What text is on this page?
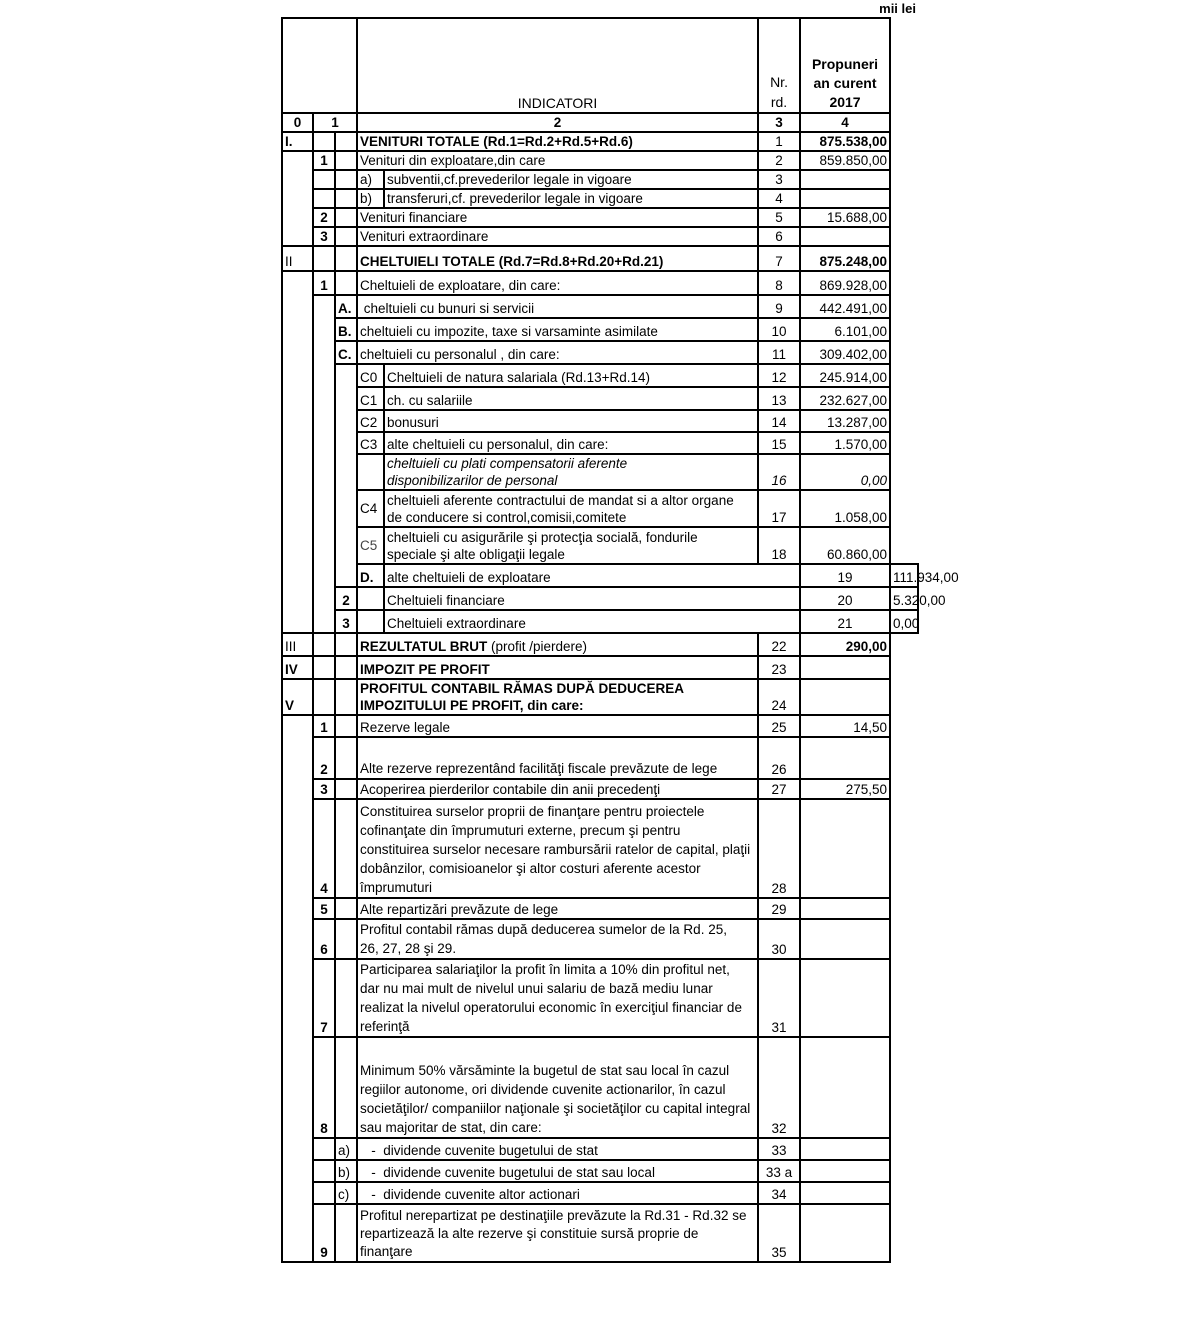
mii lei
			INDICATORI		Nr. rd.	Propuneri an curent 2017	
0	1		2		3	4	
I.			VENITURI TOTALE (Rd.1=Rd.2+Rd.5+Rd.6)		1	875.538,00	
	1		Venituri din exploatare,din care		2	859.850,00	
			a)	subventii,cf.prevederilor legale in vigoare	3		
			b)	transferuri,cf. prevederilor legale in vigoare	4		
	2		Venituri financiare		5	15.688,00	
	3		Venituri extraordinare		6		
II			CHELTUIELI TOTALE (Rd.7=Rd.8+Rd.20+Rd.21)		7	875.248,00	
	1		Cheltuieli de exploatare, din care:		8	869.928,00	
		A.	cheltuieli cu bunuri si servicii		9	442.491,00	
		B.	cheltuieli cu impozite, taxe si varsaminte asimilate		10	6.101,00	
		C.	cheltuieli cu personalul , din care:		11	309.402,00	
			C0	Cheltuieli de natura salariala (Rd.13+Rd.14)	12	245.914,00	
			C1	ch. cu salariile	13	232.627,00	
			C2	bonusuri	14	13.287,00	
			C3	alte cheltuieli cu personalul, din care:	15	1.570,00	
				cheltuieli cu plati compensatorii aferente disponibilizarilor de personal	16	0,00	
			C4	cheltuieli aferente contractului de mandat si a altor organe de conducere si control,comisii,comitete	17	1.058,00	
			C5	cheltuieli cu asigurările şi protecţia socială, fondurile speciale şi alte obligaţii legale	18	60.860,00	
			D.	alte cheltuieli de exploatare		19	111.934,00
		2		Cheltuieli financiare		20	5.320,00
		3		Cheltuieli extraordinare		21	0,00
III			REZULTATUL BRUT (profit /pierdere)		22	290,00	
IV			IMPOZIT PE PROFIT		23		
V			PROFITUL CONTABIL RĂMAS DUPĂ DEDUCEREA IMPOZITULUI PE PROFIT, din care:		24		
	1		Rezerve legale		25	14,50	
	2		Alte rezerve reprezentând facilităţi fiscale prevăzute de lege		26		
	3		Acoperirea pierderilor contabile din anii precedenţi		27	275,50	
	4		Constituirea surselor proprii de finanţare pentru proiectele cofinanţate din împrumuturi externe, precum şi pentru constituirea surselor necesare rambursării ratelor de capital, plaţii dobânzilor, comisioanelor şi altor costuri aferente acestor împrumuturi		28		
	5		Alte repartizări prevăzute de lege		29		
	6		Profitul contabil rămas după deducerea sumelor de la Rd. 25, 26, 27, 28 şi 29.		30		
	7		Participarea salariaţilor la profit în limita a 10% din profitul net, dar nu mai mult de nivelul unui salariu de bază mediu lunar realizat la nivelul operatorului economic în exerciţiul financiar de referinţă		31		
	8		Minimum 50% vărsăminte la bugetul de stat sau local în cazul regiilor autonome, ori dividende cuvenite actionarilor, în cazul societăţilor/ companiilor naţionale şi societăţilor cu capital integral sau majoritar de stat, din care:		32		
		a)	-  dividende cuvenite bugetului de stat		33		
		b)	-  dividende cuvenite bugetului de stat sau local		33 a		
		c)	-  dividende cuvenite altor actionari		34		
	9		Profitul nerepartizat pe destinaţiile prevăzute la Rd.31 - Rd.32 se repartizează la alte rezerve şi constituie sursă proprie de finanţare		35		
